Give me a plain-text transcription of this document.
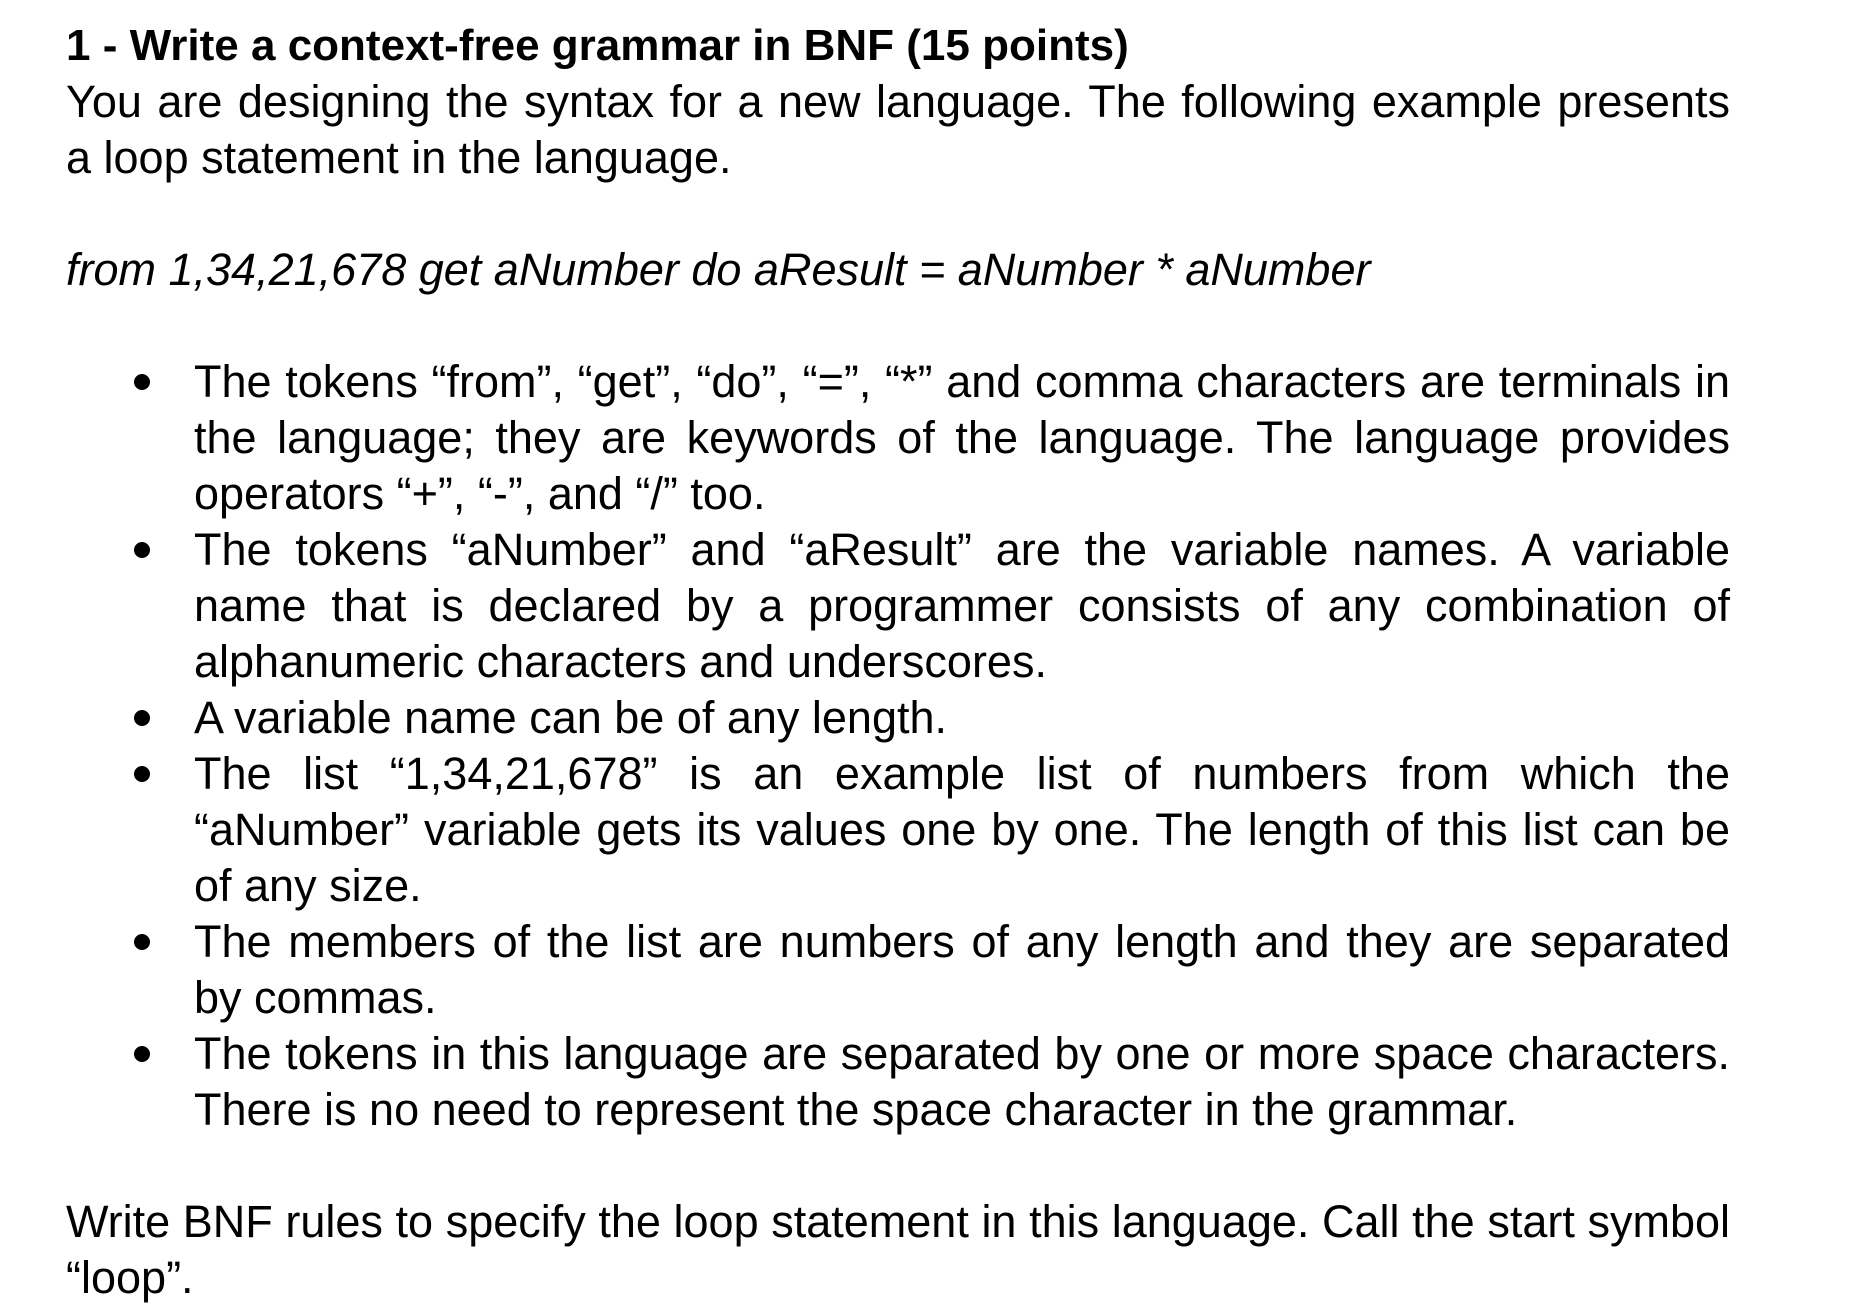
1 - Write a context-free grammar in BNF (15 points)

You are designing the syntax for a new language. The following example presents a loop statement in the language.

from 1,34,21,678 get aNumber do aResult = aNumber * aNumber

The tokens “from”, “get”, “do”, “=”, “*” and comma characters are terminals in the language; they are keywords of the language. The language provides operators “+”, “-”, and “/” too.
The tokens “aNumber” and “aResult” are the variable names. A variable name that is declared by a programmer consists of any combination of alphanumeric characters and underscores.
A variable name can be of any length.
The list “1,34,21,678” is an example list of numbers from which the “aNumber” variable gets its values one by one. The length of this list can be of any size.
The members of the list are numbers of any length and they are separated by commas.
The tokens in this language are separated by one or more space characters. There is no need to represent the space character in the grammar.

Write BNF rules to specify the loop statement in this language. Call the start symbol “loop”.
